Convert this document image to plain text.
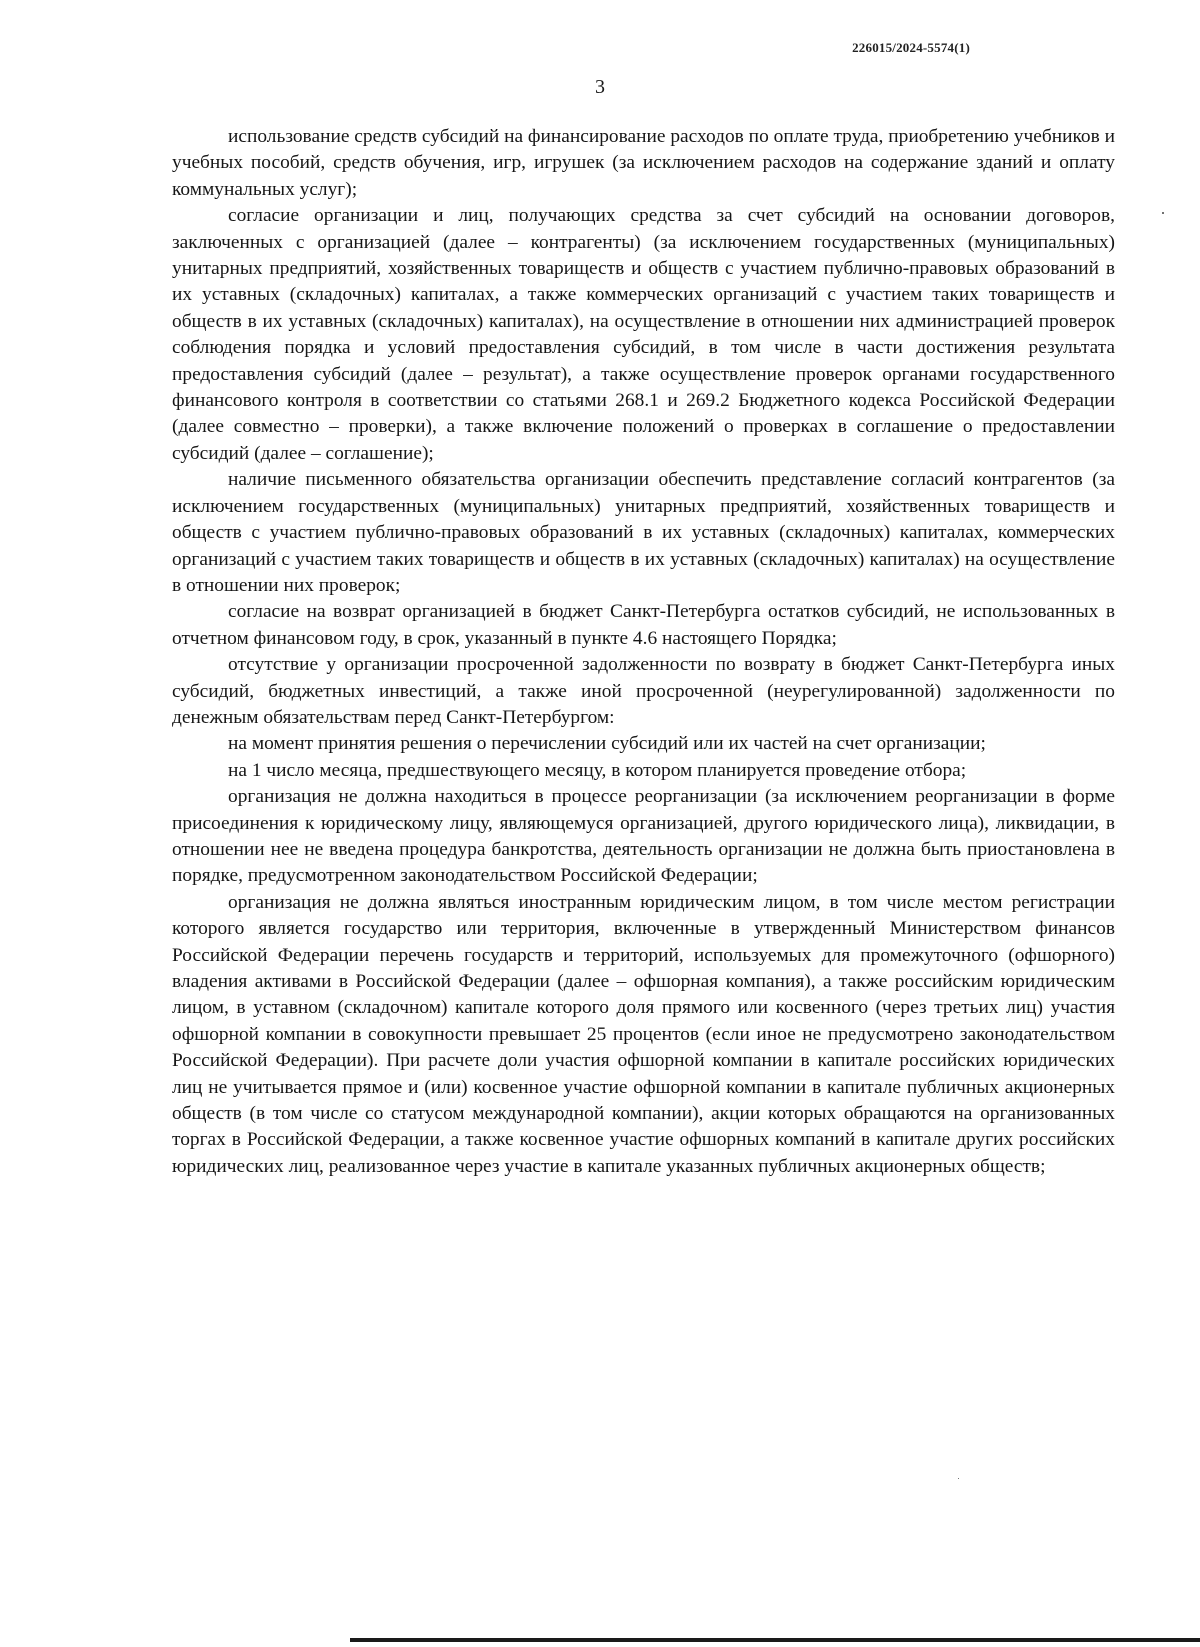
226015/2024-5574(1)
3

использование средств субсидий на финансирование расходов по оплате труда, приобретению учебников и учебных пособий, средств обучения, игр, игрушек (за исключением расходов на содержание зданий и оплату коммунальных услуг);

согласие организации и лиц, получающих средства за счет субсидий на основании договоров, заключенных с организацией (далее – контрагенты) (за исключением государственных (муниципальных) унитарных предприятий, хозяйственных товариществ и обществ с участием публично-правовых образований в их уставных (складочных) капиталах, а также коммерческих организаций с участием таких товариществ и обществ в их уставных (складочных) капиталах), на осуществление в отношении них администрацией проверок соблюдения порядка и условий предоставления субсидий, в том числе в части достижения результата предоставления субсидий (далее – результат), а также осуществление проверок органами государственного финансового контроля в соответствии со статьями 268.1 и 269.2 Бюджетного кодекса Российской Федерации (далее совместно – проверки), а также включение положений о проверках в соглашение о предоставлении субсидий (далее – соглашение);

наличие письменного обязательства организации обеспечить представление согласий контрагентов (за исключением государственных (муниципальных) унитарных предприятий, хозяйственных товариществ и обществ с участием публично-правовых образований в их уставных (складочных) капиталах, коммерческих организаций с участием таких товариществ и обществ в их уставных (складочных) капиталах) на осуществление в отношении них проверок;

согласие на возврат организацией в бюджет Санкт-Петербурга остатков субсидий, не использованных в отчетном финансовом году, в срок, указанный в пункте 4.6 настоящего Порядка;

отсутствие у организации просроченной задолженности по возврату в бюджет Санкт-Петербурга иных субсидий, бюджетных инвестиций, а также иной просроченной (неурегулированной) задолженности по денежным обязательствам перед Санкт-Петербургом:

на момент принятия решения о перечислении субсидий или их частей на счет организации;

на 1 число месяца, предшествующего месяцу, в котором планируется проведение отбора;

организация не должна находиться в процессе реорганизации (за исключением реорганизации в форме присоединения к юридическому лицу, являющемуся организацией, другого юридического лица), ликвидации, в отношении нее не введена процедура банкротства, деятельность организации не должна быть приостановлена в порядке, предусмотренном законодательством Российской Федерации;

организация не должна являться иностранным юридическим лицом, в том числе местом регистрации которого является государство или территория, включенные в утвержденный Министерством финансов Российской Федерации перечень государств и территорий, используемых для промежуточного (офшорного) владения активами в Российской Федерации (далее – офшорная компания), а также российским юридическим лицом, в уставном (складочном) капитале которого доля прямого или косвенного (через третьих лиц) участия офшорной компании в совокупности превышает 25 процентов (если иное не предусмотрено законодательством Российской Федерации). При расчете доли участия офшорной компании в капитале российских юридических лиц не учитывается прямое и (или) косвенное участие офшорной компании в капитале публичных акционерных обществ (в том числе со статусом международной компании), акции которых обращаются на организованных торгах в Российской Федерации, а также косвенное участие офшорных компаний в капитале других российских юридических лиц, реализованное через участие в капитале указанных публичных акционерных обществ;
